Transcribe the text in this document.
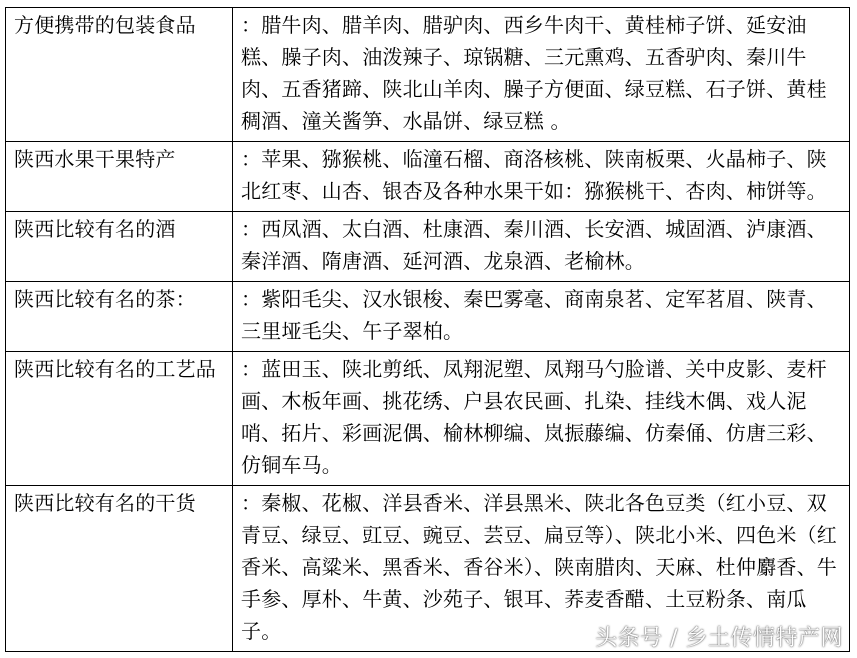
方便携带的包装食品	：腊牛肉、腊羊肉、腊驴肉、西乡牛肉干、黄桂柿子饼、延安油糕、臊子肉、油泼辣子、琼锅糖、三元熏鸡、五香驴肉、秦川牛肉、五香猪蹄、陕北山羊肉、臊子方便面、绿豆糕、石子饼、黄桂稠酒、潼关酱笋、水晶饼、绿豆糕 。
陕西水果干果特产	：苹果、猕猴桃、临潼石榴、商洛核桃、陕南板栗、火晶柿子、陕北红枣、山杏、银杏及各种水果干如：猕猴桃干、杏肉、柿饼等。
陕西比较有名的酒	：西凤酒、太白酒、杜康酒、秦川酒、长安酒、城固酒、泸康酒、秦洋酒、隋唐酒、延河酒、龙泉酒、老榆林。
陕西比较有名的茶：	：紫阳毛尖、汉水银梭、秦巴雾毫、商南泉茗、定军茗眉、陕青、三里垭毛尖、午子翠柏。
陕西比较有名的工艺品	：蓝田玉、陕北剪纸、凤翔泥塑、凤翔马勺脸谱、关中皮影、麦杆画、木板年画、挑花绣、户县农民画、扎染、挂线木偶、戏人泥哨、拓片、彩画泥偶、榆林柳编、岚振藤编、仿秦俑、仿唐三彩、仿铜车马。
陕西比较有名的干货	：秦椒、花椒、洋县香米、洋县黑米、陕北各色豆类（红小豆、双青豆、绿豆、豇豆、豌豆、芸豆、扁豆等）、陕北小米、四色米（红香米、高粱米、黑香米、香谷米）、陕南腊肉、天麻、杜仲麝香、牛手参、厚朴、牛黄、沙苑子、银耳、荞麦香醋、土豆粉条、南瓜子。	头条号 / 乡土传情特产网
